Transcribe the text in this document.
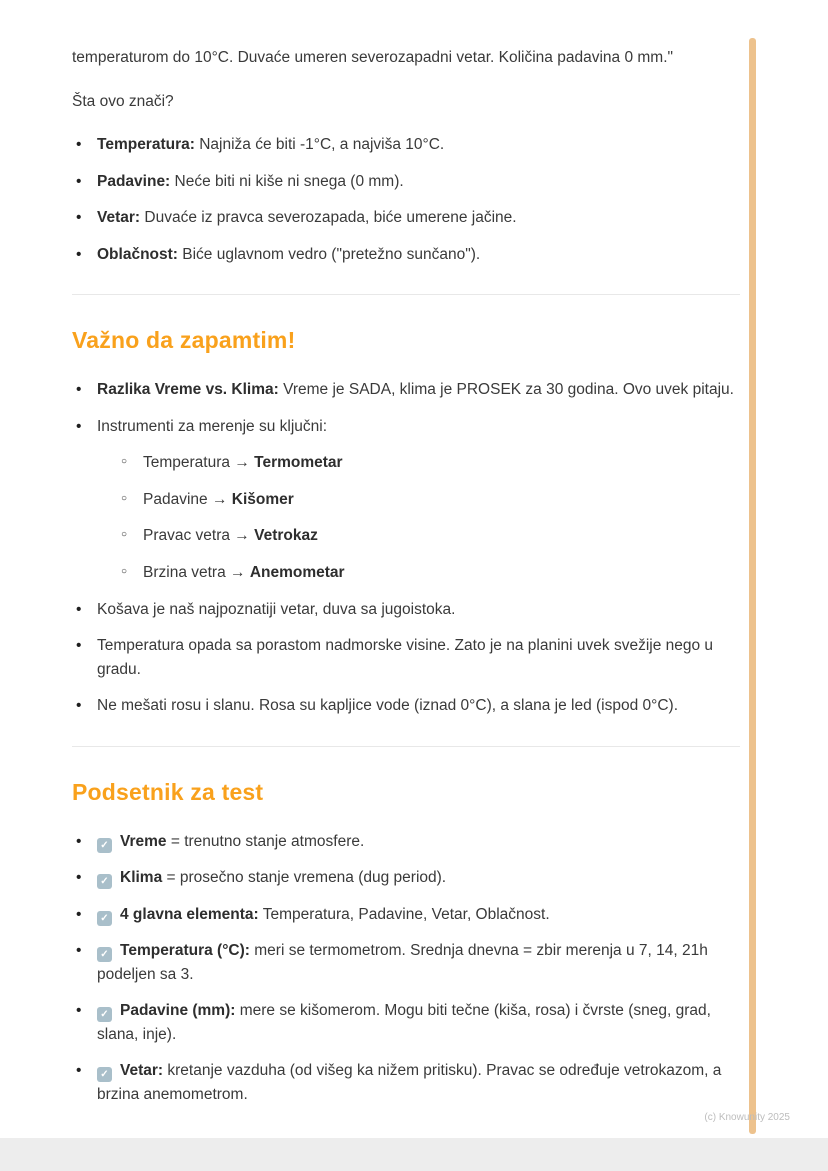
temperaturom do 10°C. Duvaće umeren severozapadni vetar. Količina padavina 0 mm."

Šta ovo znači?

• Temperatura: Najniža će biti -1°C, a najviša 10°C.
• Padavine: Neće biti ni kiše ni snega (0 mm).
• Vetar: Duvaće iz pravca severozapada, biće umerene jačine.
• Oblačnost: Biće uglavnom vedro ("pretežno sunčano").
Važno da zapamtim!
• Razlika Vreme vs. Klima: Vreme je SADA, klima je PROSEK za 30 godina. Ovo uvek pitaju.
• Instrumenti za merenje su ključni:
○ Temperatura → Termometar
○ Padavine → Kišomer
○ Pravac vetra → Vetrokaz
○ Brzina vetra → Anemometar
• Košava je naš najpoznatiji vetar, duva sa jugoistoka.
• Temperatura opada sa porastom nadmorske visine. Zato je na planini uvek svežije nego u gradu.
• Ne mešati rosu i slanu. Rosa su kapljice vode (iznad 0°C), a slana je led (ispod 0°C).
Podsetnik za test
• ✓ Vreme = trenutno stanje atmosfere.
• ✓ Klima = prosečno stanje vremena (dug period).
• ✓ 4 glavna elementa: Temperatura, Padavine, Vetar, Oblačnost.
• ✓ Temperatura (°C): meri se termometrom. Srednja dnevna = zbir merenja u 7, 14, 21h podeljen sa 3.
• ✓ Padavine (mm): mere se kišomerom. Mogu biti tečne (kiša, rosa) i čvrste (sneg, grad, slana, inje).
• ✓ Vetar: kretanje vazduha (od višeg ka nižem pritisku). Pravac se određuje vetrokazom, a brzina anemometrom.
(c) Knowunity 2025
